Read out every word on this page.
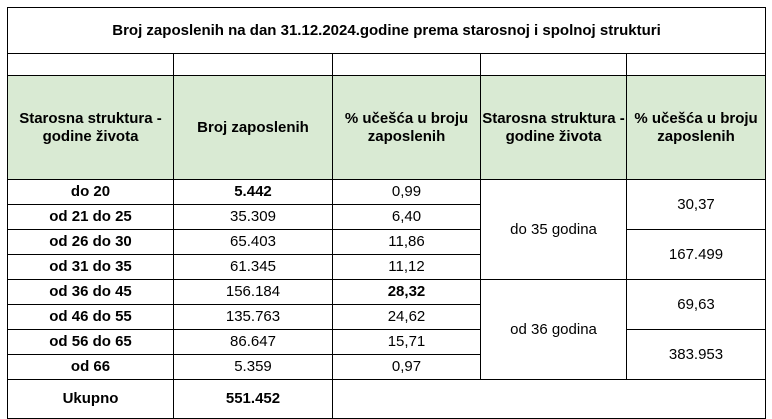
Broj zaposlenih na dan 31.12.2024.godine prema starosnoj i spolnoj strukturi				

Starosna struktura - godine života	Broj zaposlenih	% učešća u broju zaposlenih	Starosna struktura - godine života	% učešća u broju zaposlenih
do 20	5.442	0,99	do 35 godina	30,37
od 21 do 25	35.309	6,40		
od 26 do 30	65.403	11,86		167.499
od 31 do 35	61.345	11,12		
od 36 do 45	156.184	28,32	od 36 godina	69,63
od 46 do 55	135.763	24,62		
od 56 do 65	86.647	15,71		383.953
od 66	5.359	0,97		
Ukupno	551.452			
